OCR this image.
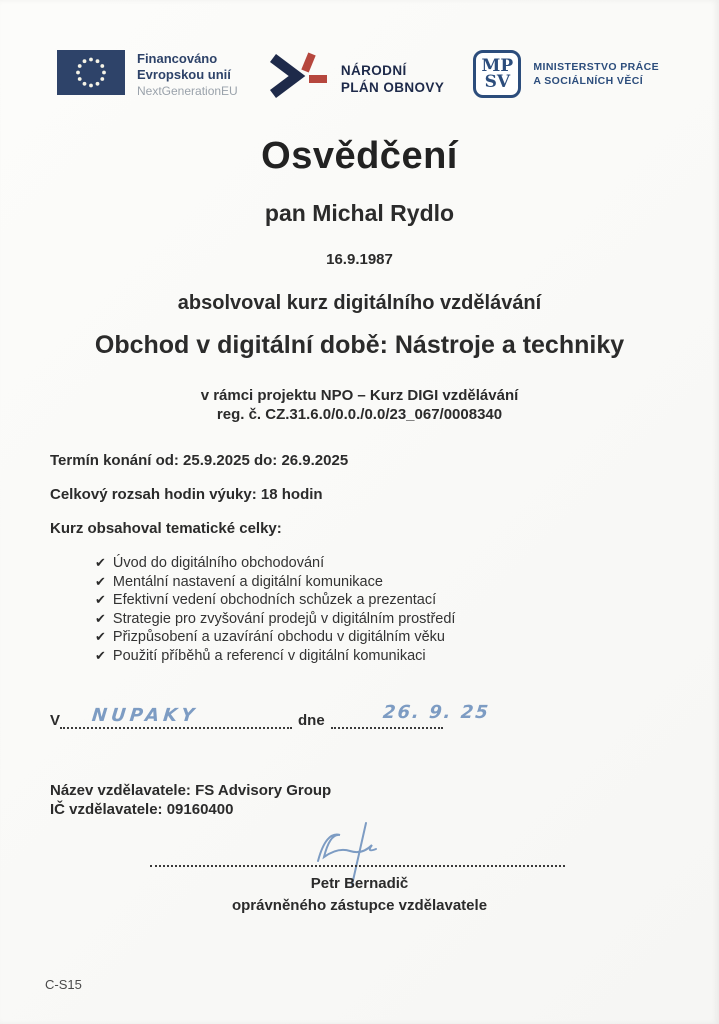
Financováno
Evropskou unií
NextGenerationEU
NÁRODNÍ
PLÁN OBNOVY
MP
SV
MINISTERSTVO PRÁCE
A SOCIÁLNÍCH VĚCÍ
Osvědčení
pan Michal Rydlo
16.9.1987
absolvoval kurz digitálního vzdělávání
Obchod v digitální době: Nástroje a techniky
v rámci projektu NPO – Kurz DIGI vzdělávání
reg. č. CZ.31.6.0/0.0./0.0/23_067/0008340
Termín konání od: 25.9.2025 do: 26.9.2025
Celkový rozsah hodin výuky: 18 hodin
Kurz obsahoval tematické celky:
✔ Úvod do digitálního obchodování
✔ Mentální nastavení a digitální komunikace
✔ Efektivní vedení obchodních schůzek a prezentací
✔ Strategie pro zvyšování prodejů v digitálním prostředí
✔ Přizpůsobení a uzavírání obchodu v digitálním věku
✔ Použití příběhů a referencí v digitální komunikaci
V	dne
NUPAKY	26. 9. 25
Název vzdělavatele: FS Advisory Group
IČ vzdělavatele: 09160400
Petr Bernadič
oprávněného zástupce vzdělavatele
C-S15
